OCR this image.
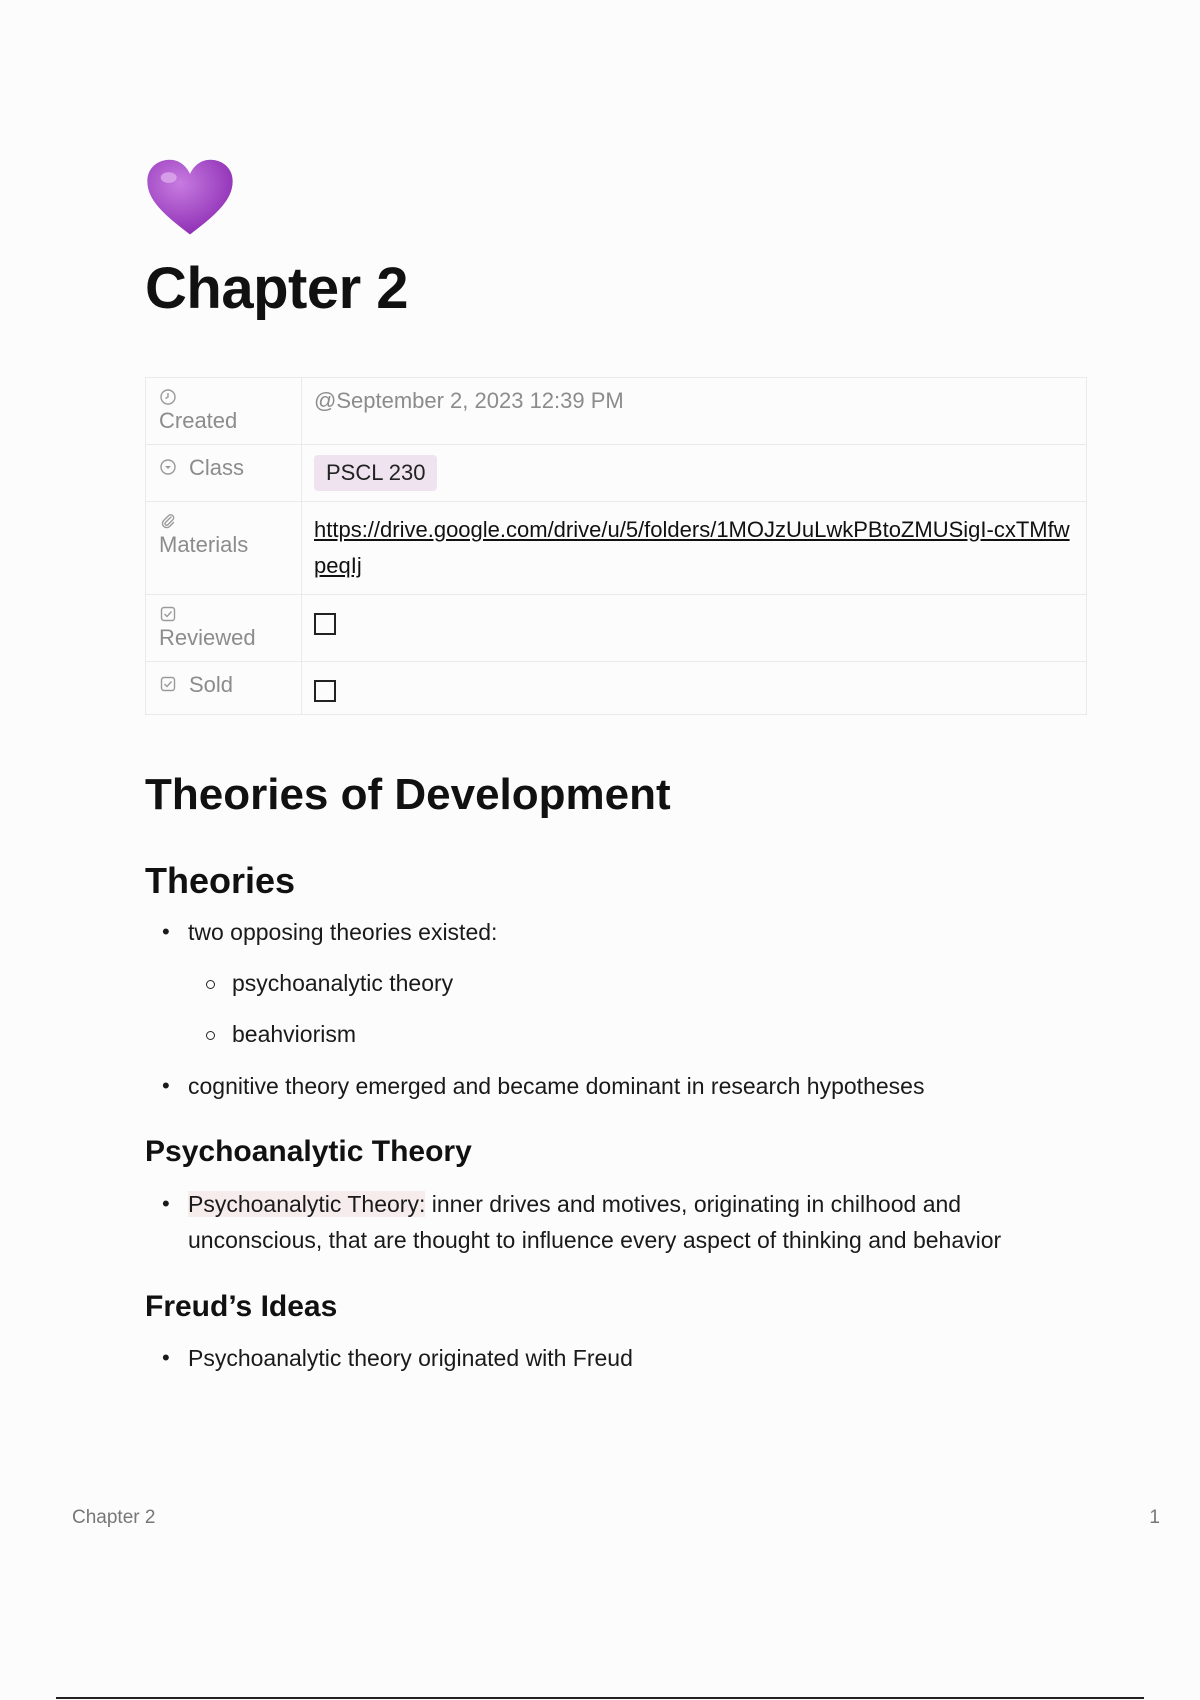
Chapter 2
Created	@September 2, 2023 12:39 PM

Class	PSCL 230

Materials	https://drive.google.com/drive/u/5/folders/1MOJzUuLwkPBtoZMUSigI-cxTMfwpeqIj

Reviewed	

Sold	
Theories of Development
Theories
• two opposing theories existed:
psychoanalytic theory
beahviorism
• cognitive theory emerged and became dominant in research hypotheses
Psychoanalytic Theory
• Psychoanalytic Theory: inner drives and motives, originating in chilhood and unconscious, that are thought to influence every aspect of thinking and behavior
Freud’s Ideas
• Psychoanalytic theory originated with Freud
Chapter 2	1
